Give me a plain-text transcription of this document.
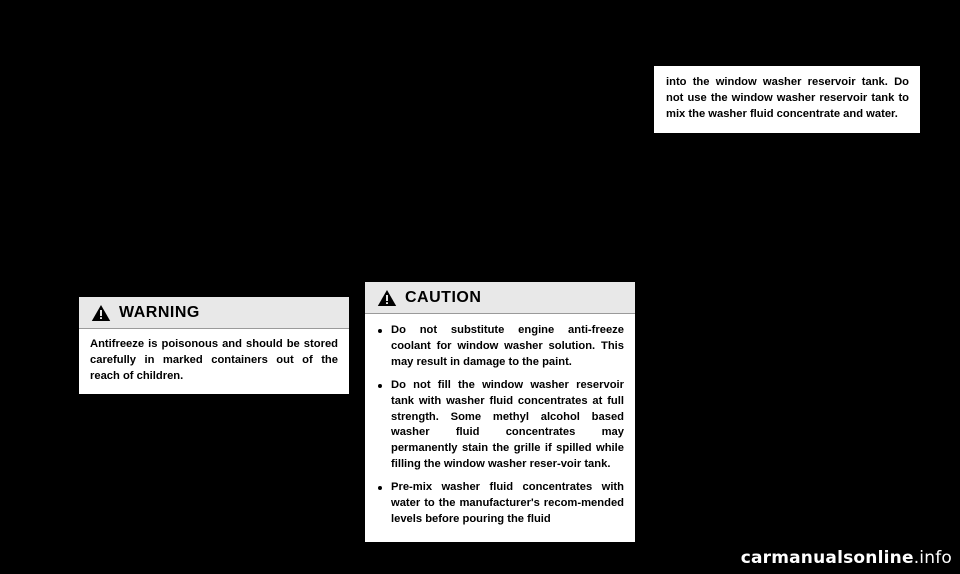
WARNING
Antifreeze is poisonous and should be stored carefully in marked containers out of the reach of children.
CAUTION
Do not substitute engine anti-freeze coolant for window washer solution. This may result in damage to the paint.
Do not fill the window washer reservoir tank with washer fluid concentrates at full strength. Some methyl alcohol based washer fluid concentrates may permanently stain the grille if spilled while filling the window washer reser-voir tank.
Pre-mix washer fluid concentrates with water to the manufacturer's recom-mended levels before pouring the fluid
into the window washer reservoir tank. Do not use the window washer reservoir tank to mix the washer fluid concentrate and water.
carmanualsonline.info
